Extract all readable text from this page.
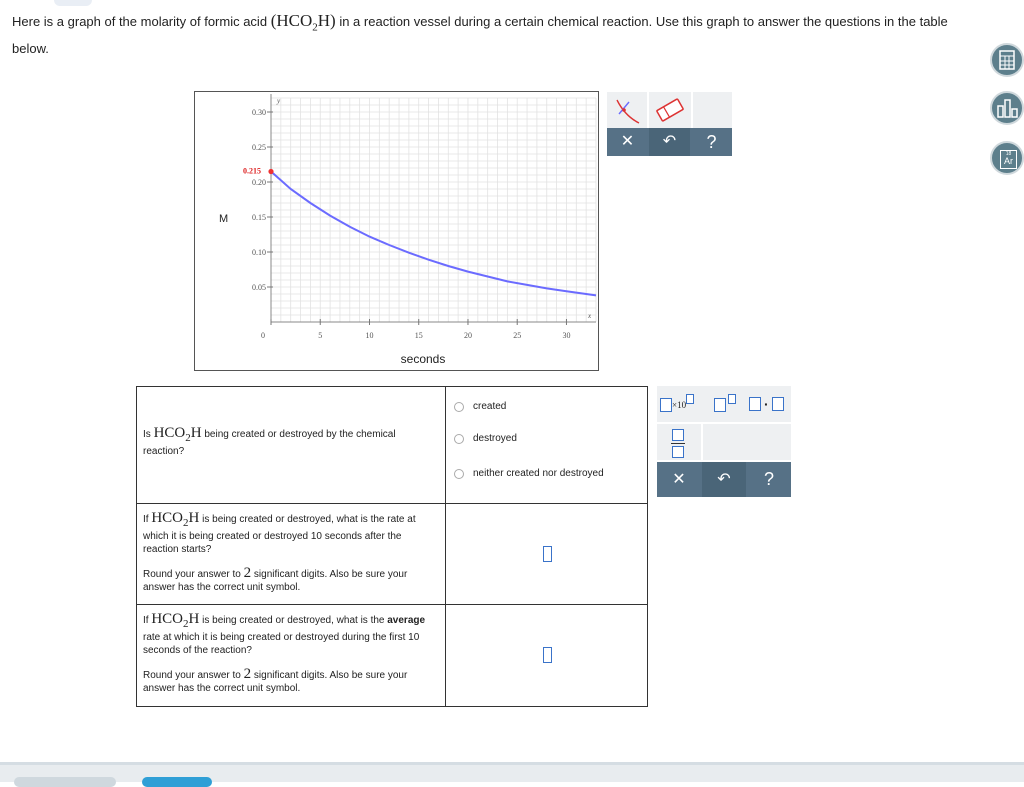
Here is a graph of the molarity of formic acid $(HCO_2H)$ in a reaction vessel during a certain chemical reaction. Use this graph to answer the questions in the table below.
0.05
0.10
0.15
0.20
0.25
0.30
0	5	10	15	20	25	30
y
x
0.215
M
seconds
✕	↶	?
Is $HCO_2H$ being created or destroyed by the chemical reaction?	created
destroyed
neither created nor destroyed

If $HCO_2H$ is being created or destroyed, what is the rate at which it is being created or destroyed 10 seconds after the reaction starts?
Round your answer to 2 significant digits. Also be sure your answer has the correct unit symbol.	

If $HCO_2H$ is being created or destroyed, what is the average rate at which it is being created or destroyed during the first 10 seconds of the reaction?
Round your answer to 2 significant digits. Also be sure your answer has the correct unit symbol.	

×10	·
✕	↶	?
18
Ar
